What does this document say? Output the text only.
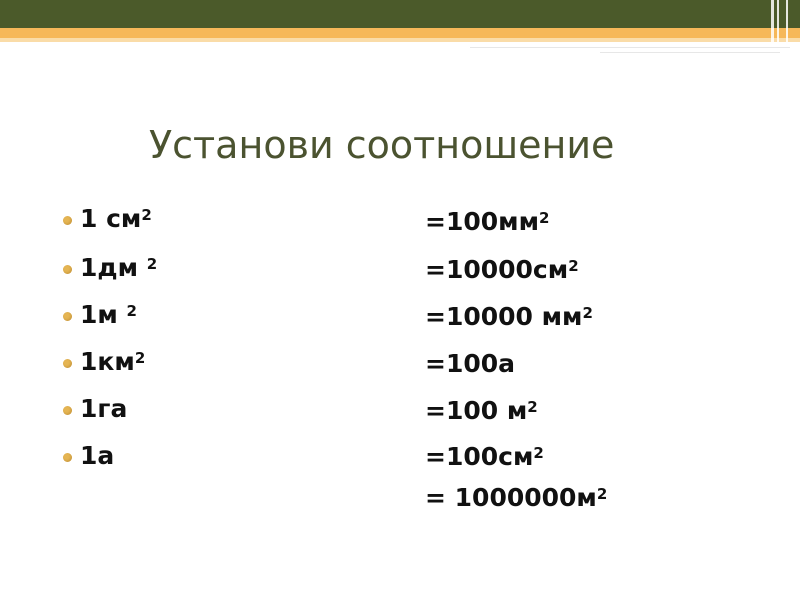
Установи соотношение
1 $см^2$
1дм $^2$
1м $^2$
$1км^2$
1га
1а
$=100мм^2$
$=10000см^2$
=10000 $мм^2$
=100а
=100 $м^2$
$=100см^2$
= $1000000м^2$
